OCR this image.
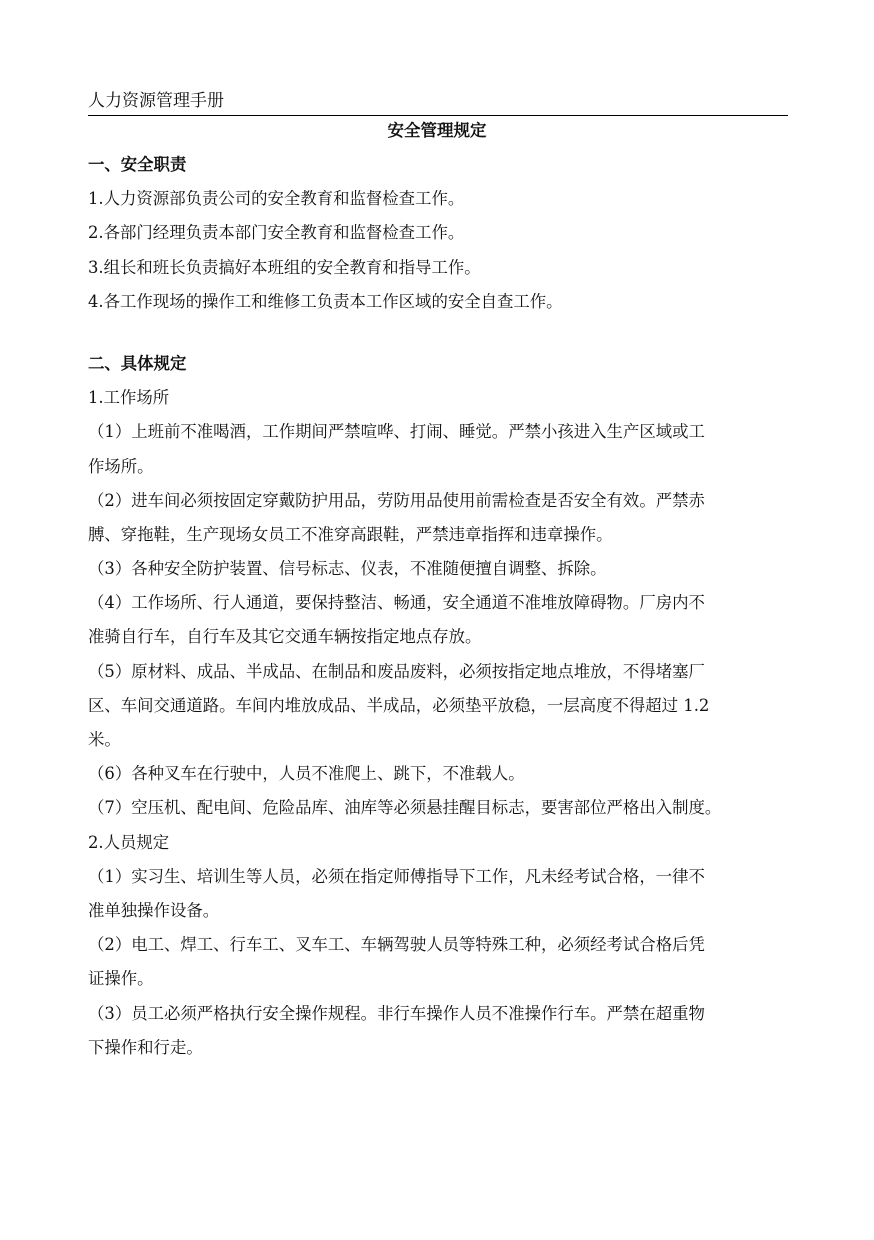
人力资源管理手册
安全管理规定
一、安全职责
1.人力资源部负责公司的安全教育和监督检查工作。
2.各部门经理负责本部门安全教育和监督检查工作。
3.组长和班长负责搞好本班组的安全教育和指导工作。
4.各工作现场的操作工和维修工负责本工作区域的安全自查工作。
二、具体规定
1.工作场所
（1）上班前不准喝酒，工作期间严禁喧哗、打闹、睡觉。严禁小孩进入生产区域或工
作场所。
（2）进车间必须按固定穿戴防护用品，劳防用品使用前需检查是否安全有效。严禁赤
膊、穿拖鞋，生产现场女员工不准穿高跟鞋，严禁违章指挥和违章操作。
（3）各种安全防护装置、信号标志、仪表，不准随便擅自调整、拆除。
（4）工作场所、行人通道，要保持整洁、畅通，安全通道不准堆放障碍物。厂房内不
准骑自行车，自行车及其它交通车辆按指定地点存放。
（5）原材料、成品、半成品、在制品和废品废料，必须按指定地点堆放，不得堵塞厂
区、车间交通道路。车间内堆放成品、半成品，必须垫平放稳，一层高度不得超过 1.2
米。
（6）各种叉车在行驶中，人员不准爬上、跳下，不准载人。
（7）空压机、配电间、危险品库、油库等必须悬挂醒目标志，要害部位严格出入制度。
2.人员规定
（1）实习生、培训生等人员，必须在指定师傅指导下工作，凡未经考试合格，一律不
准单独操作设备。
（2）电工、焊工、行车工、叉车工、车辆驾驶人员等特殊工种，必须经考试合格后凭
证操作。
（3）员工必须严格执行安全操作规程。非行车操作人员不准操作行车。严禁在超重物
下操作和行走。
